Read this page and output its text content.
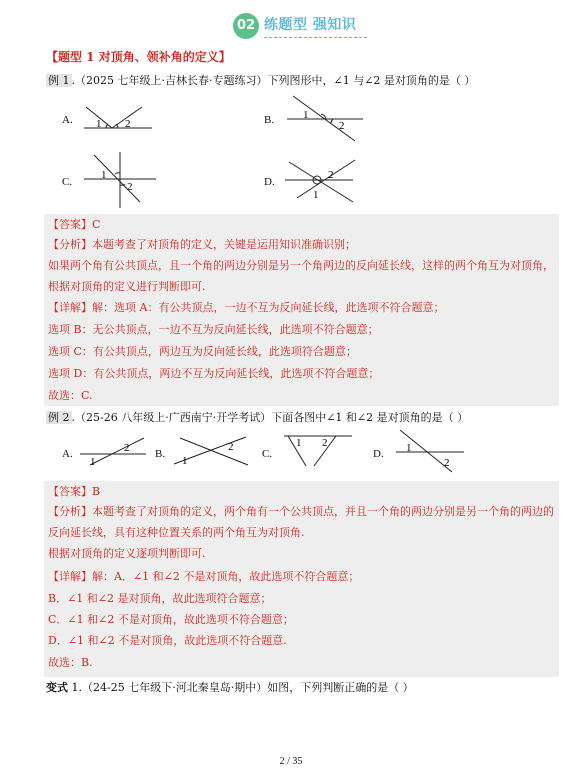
02 练题型 强知识
【题型 1 对顶角、领补角的定义】
例 1 .（2025 七年级上·吉林长春·专题练习）下列图形中，∠1 与∠2 是对顶角的是（ ）
A. 1 2	B.	1
2
C.
1
2	D.
2
1
【答案】C
【分析】本题考查了对顶角的定义，关键是运用知识准确识别；
如果两个角有公共顶点，且一个角的两边分别是另一个角两边的反向延长线，这样的两个角互为对顶角，
根据对顶角的定义进行判断即可.
【详解】解：选项 A：有公共顶点，一边不互为反向延长线，此选项不符合题意；
选项 B：无公共顶点，一边不互为反向延长线，此选项不符合题意；
选项 C：有公共顶点，两边互为反向延长线，此选项符合题意；
选项 D：有公共顶点，两边不互为反向延长线，此选项不符合题意；
故选：C.
例 2 .（25-26 八年级上·广西南宁·开学考试）下面各图中∠1 和∠2 是对顶角的是（ ）
A.	2
1
B.
2
1
C.
1 2
D. 1
2
【答案】B
【分析】本题考查了对顶角的定义，两个角有一个公共顶点，并且一个角的两边分别是另一个角的两边的
反向延长线，具有这种位置关系的两个角互为对顶角.
根据对顶角的定义逐项判断即可.
【详解】解：A．∠1 和∠2 不是对顶角，故此选项不符合题意；
B．∠1 和∠2 是对顶角，故此选项符合题意；
C．∠1 和∠2 不是对顶角，故此选项不符合题意；
D．∠1 和∠2 不是对顶角，故此选项不符合题意.
故选：B.
变式 1.（24-25 七年级下·河北秦皇岛·期中）如图，下列判断正确的是（ ）
2 / 35
